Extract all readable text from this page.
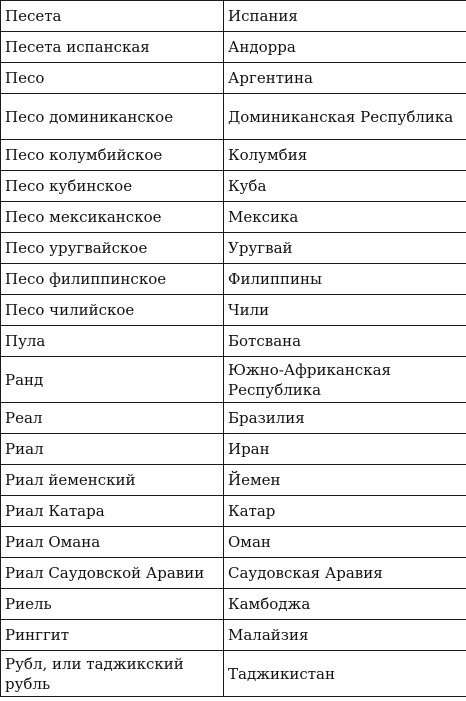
Песета	Испания
Песета испанская	Андорра
Песо	Аргентина
Песо доминиканское	Доминиканская Республика
Песо колумбийское	Колумбия
Песо кубинское	Куба
Песо мексиканское	Мексика
Песо уругвайское	Уругвай
Песо филиппинское	Филиппины
Песо чилийское	Чили
Пула	Ботсвана
Ранд	Южно-Африканская Республика
Реал	Бразилия
Риал	Иран
Риал йеменский	Йемен
Риал Катара	Катар
Риал Омана	Оман
Риал Саудовской Аравии	Саудовская Аравия
Риель	Камбоджа
Ринггит	Малайзия
Рубл, или таджикский рубль	Таджикистан
